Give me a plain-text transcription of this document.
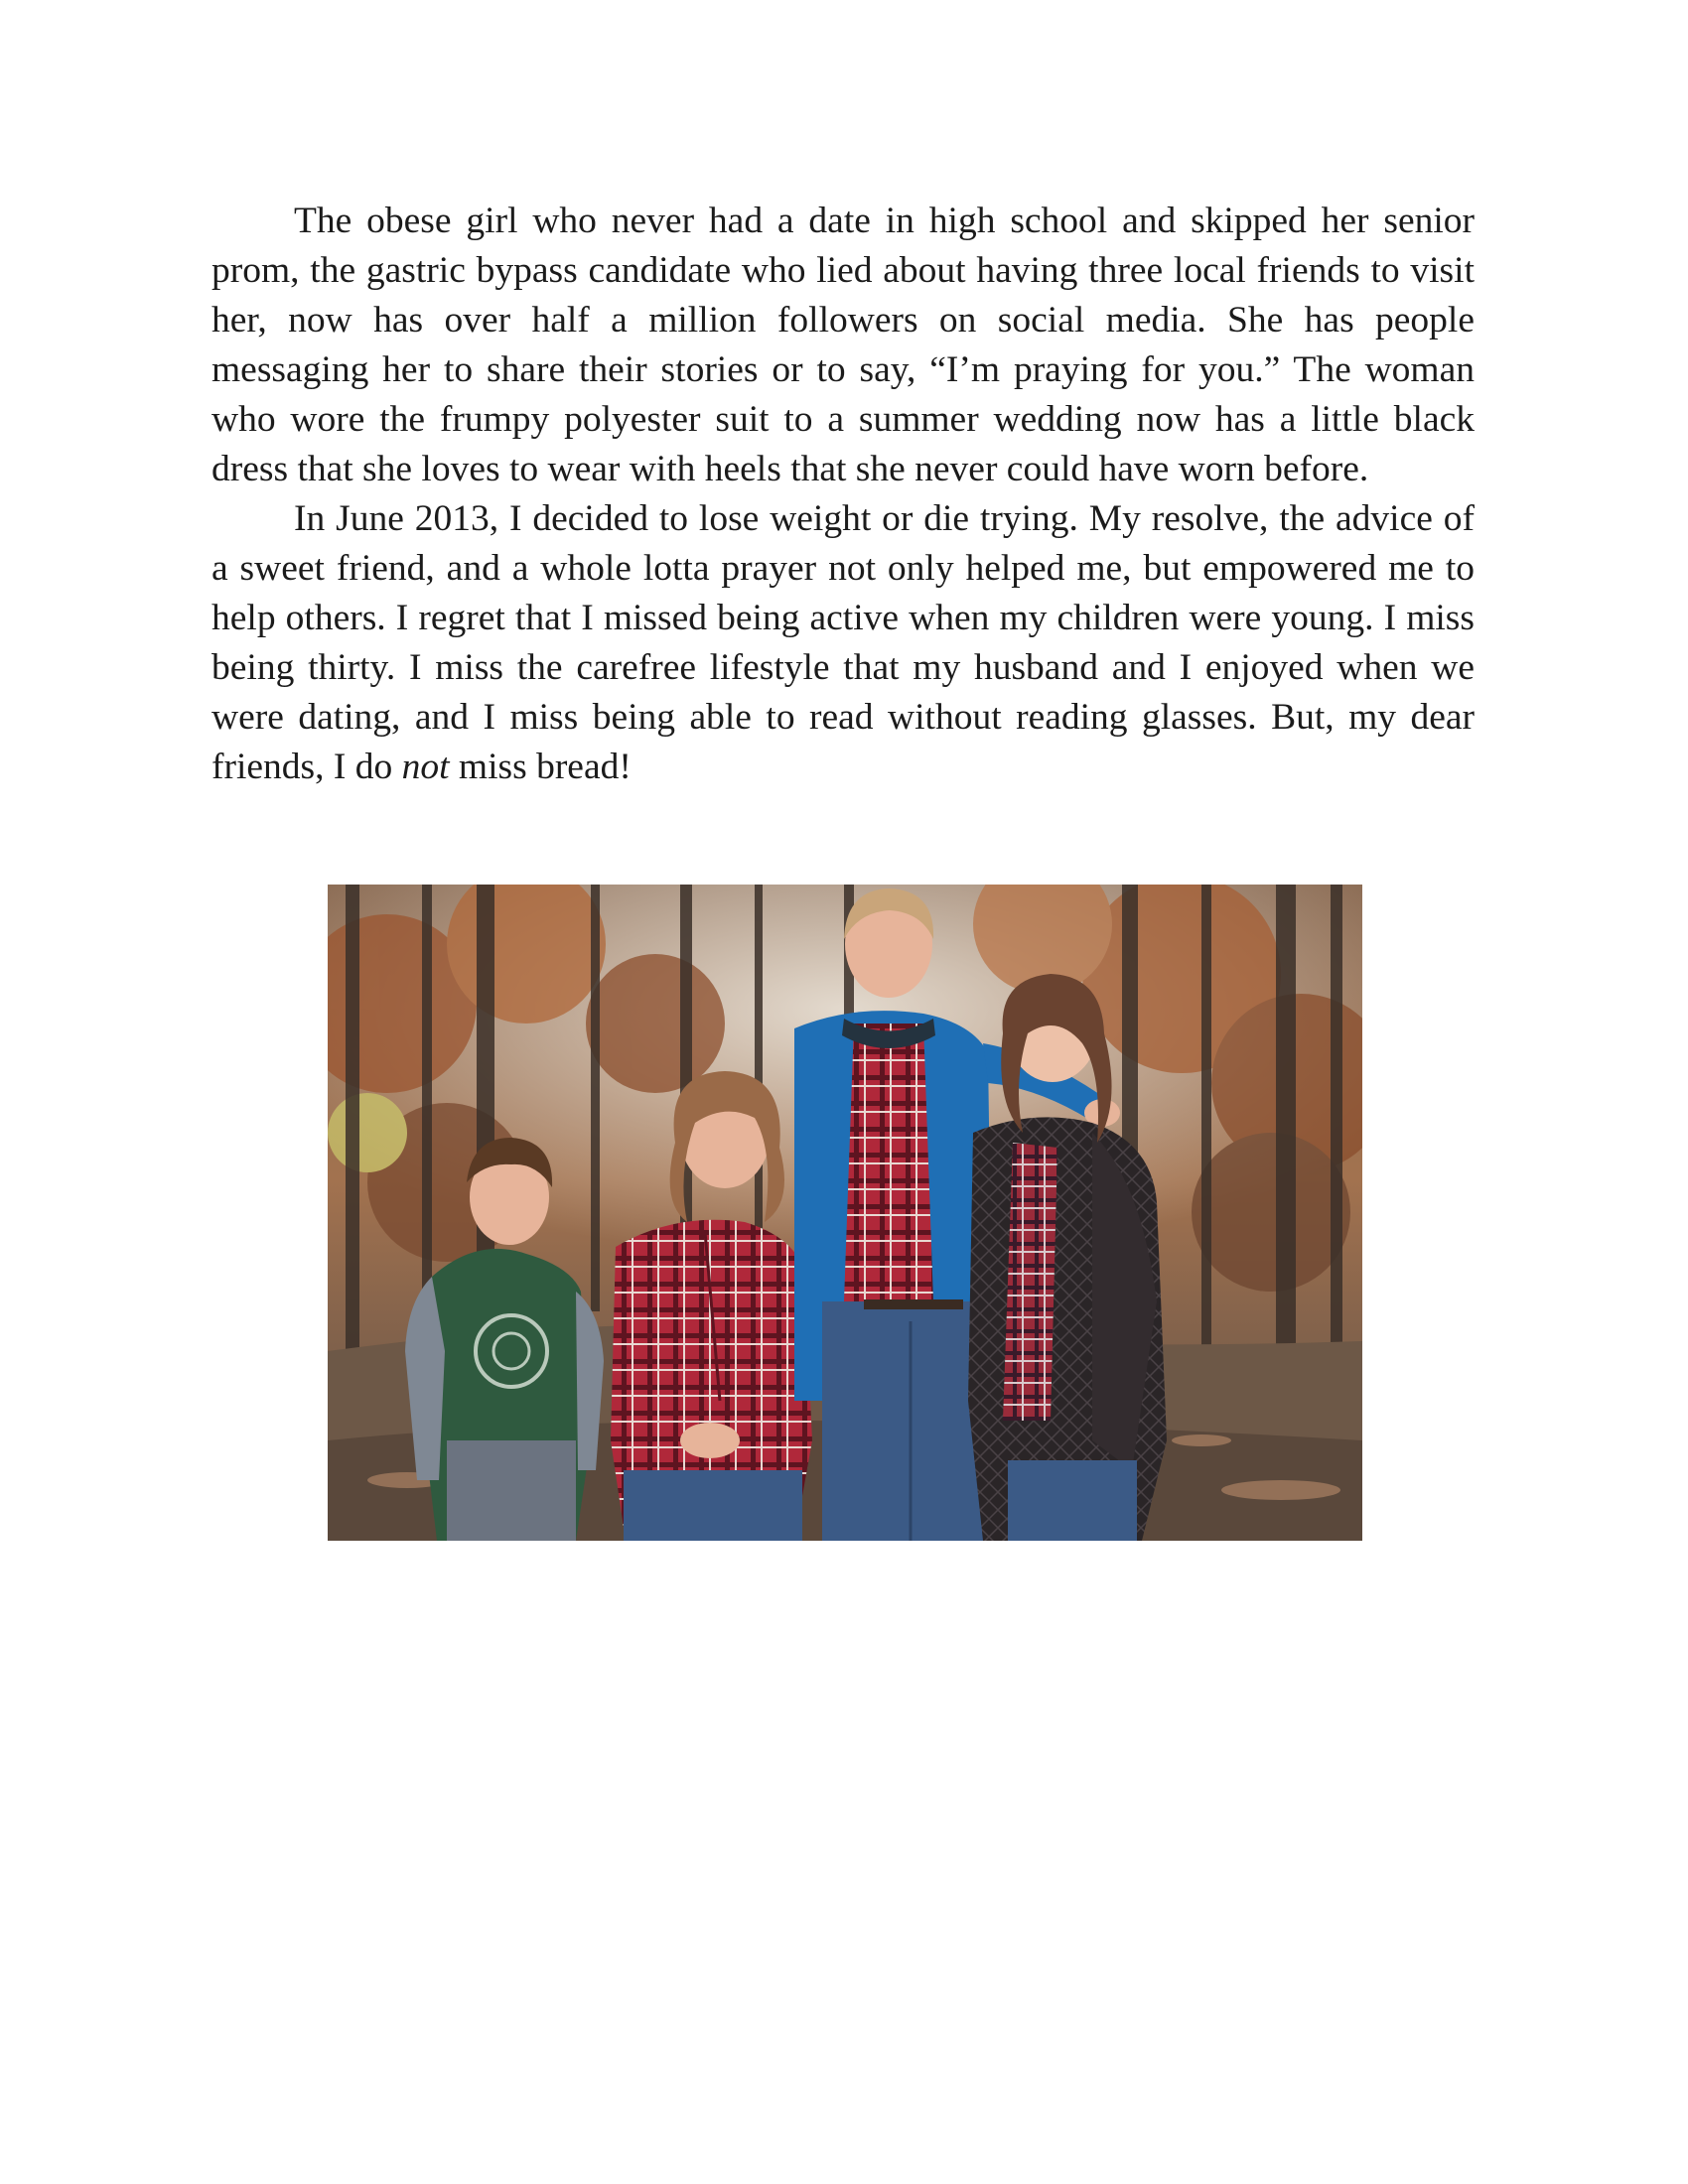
The obese girl who never had a date in high school and skipped her senior prom, the gastric bypass candidate who lied about having three local friends to visit her, now has over half a million followers on social media. She has people messaging her to share their stories or to say, “I’m praying for you.” The woman who wore the frumpy polyester suit to a summer wedding now has a little black dress that she loves to wear with heels that she never could have worn before.

In June 2013, I decided to lose weight or die trying. My resolve, the advice of a sweet friend, and a whole lotta prayer not only helped me, but empowered me to help others. I regret that I missed being active when my children were young. I miss being thirty. I miss the carefree lifestyle that my husband and I enjoyed when we were dating, and I miss being able to read without reading glasses. But, my dear friends, I do not miss bread!
